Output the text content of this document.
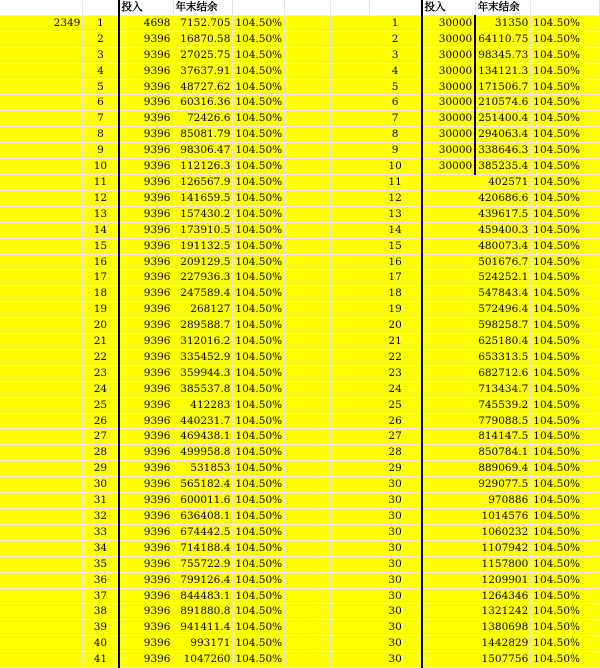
		投入	年末结余					投入	年末结余	
2349	1	4698	7152.705	104.50%			1	30000	31350	104.50%
	2	9396	16870.58	104.50%			2	30000	64110.75	104.50%
	3	9396	27025.75	104.50%			3	30000	98345.73	104.50%
	4	9396	37637.91	104.50%			4	30000	134121.3	104.50%
	5	9396	48727.62	104.50%			5	30000	171506.7	104.50%
	6	9396	60316.36	104.50%			6	30000	210574.6	104.50%
	7	9396	72426.6	104.50%			7	30000	251400.4	104.50%
	8	9396	85081.79	104.50%			8	30000	294063.4	104.50%
	9	9396	98306.47	104.50%			9	30000	338646.3	104.50%
	10	9396	112126.3	104.50%			10	30000	385235.4	104.50%
	11	9396	126567.9	104.50%			11		402571	104.50%
	12	9396	141659.5	104.50%			12		420686.6	104.50%
	13	9396	157430.2	104.50%			13		439617.5	104.50%
	14	9396	173910.5	104.50%			14		459400.3	104.50%
	15	9396	191132.5	104.50%			15		480073.4	104.50%
	16	9396	209129.5	104.50%			16		501676.7	104.50%
	17	9396	227936.3	104.50%			17		524252.1	104.50%
	18	9396	247589.4	104.50%			18		547843.4	104.50%
	19	9396	268127	104.50%			19		572496.4	104.50%
	20	9396	289588.7	104.50%			20		598258.7	104.50%
	21	9396	312016.2	104.50%			21		625180.4	104.50%
	22	9396	335452.9	104.50%			22		653313.5	104.50%
	23	9396	359944.3	104.50%			23		682712.6	104.50%
	24	9396	385537.8	104.50%			24		713434.7	104.50%
	25	9396	412283	104.50%			25		745539.2	104.50%
	26	9396	440231.7	104.50%			26		779088.5	104.50%
	27	9396	469438.1	104.50%			27		814147.5	104.50%
	28	9396	499958.8	104.50%			28		850784.1	104.50%
	29	9396	531853	104.50%			29		889069.4	104.50%
	30	9396	565182.4	104.50%			30		929077.5	104.50%
	31	9396	600011.6	104.50%			30		970886	104.50%
	32	9396	636408.1	104.50%			30		1014576	104.50%
	33	9396	674442.5	104.50%			30		1060232	104.50%
	34	9396	714188.4	104.50%			30		1107942	104.50%
	35	9396	755722.9	104.50%			30		1157800	104.50%
	36	9396	799126.4	104.50%			30		1209901	104.50%
	37	9396	844483.1	104.50%			30		1264346	104.50%
	38	9396	891880.8	104.50%			30		1321242	104.50%
	39	9396	941411.4	104.50%			30		1380698	104.50%
	40	9396	993171	104.50%			30		1442829	104.50%
	41	9396	1047260	104.50%			30		1507756	104.50%
